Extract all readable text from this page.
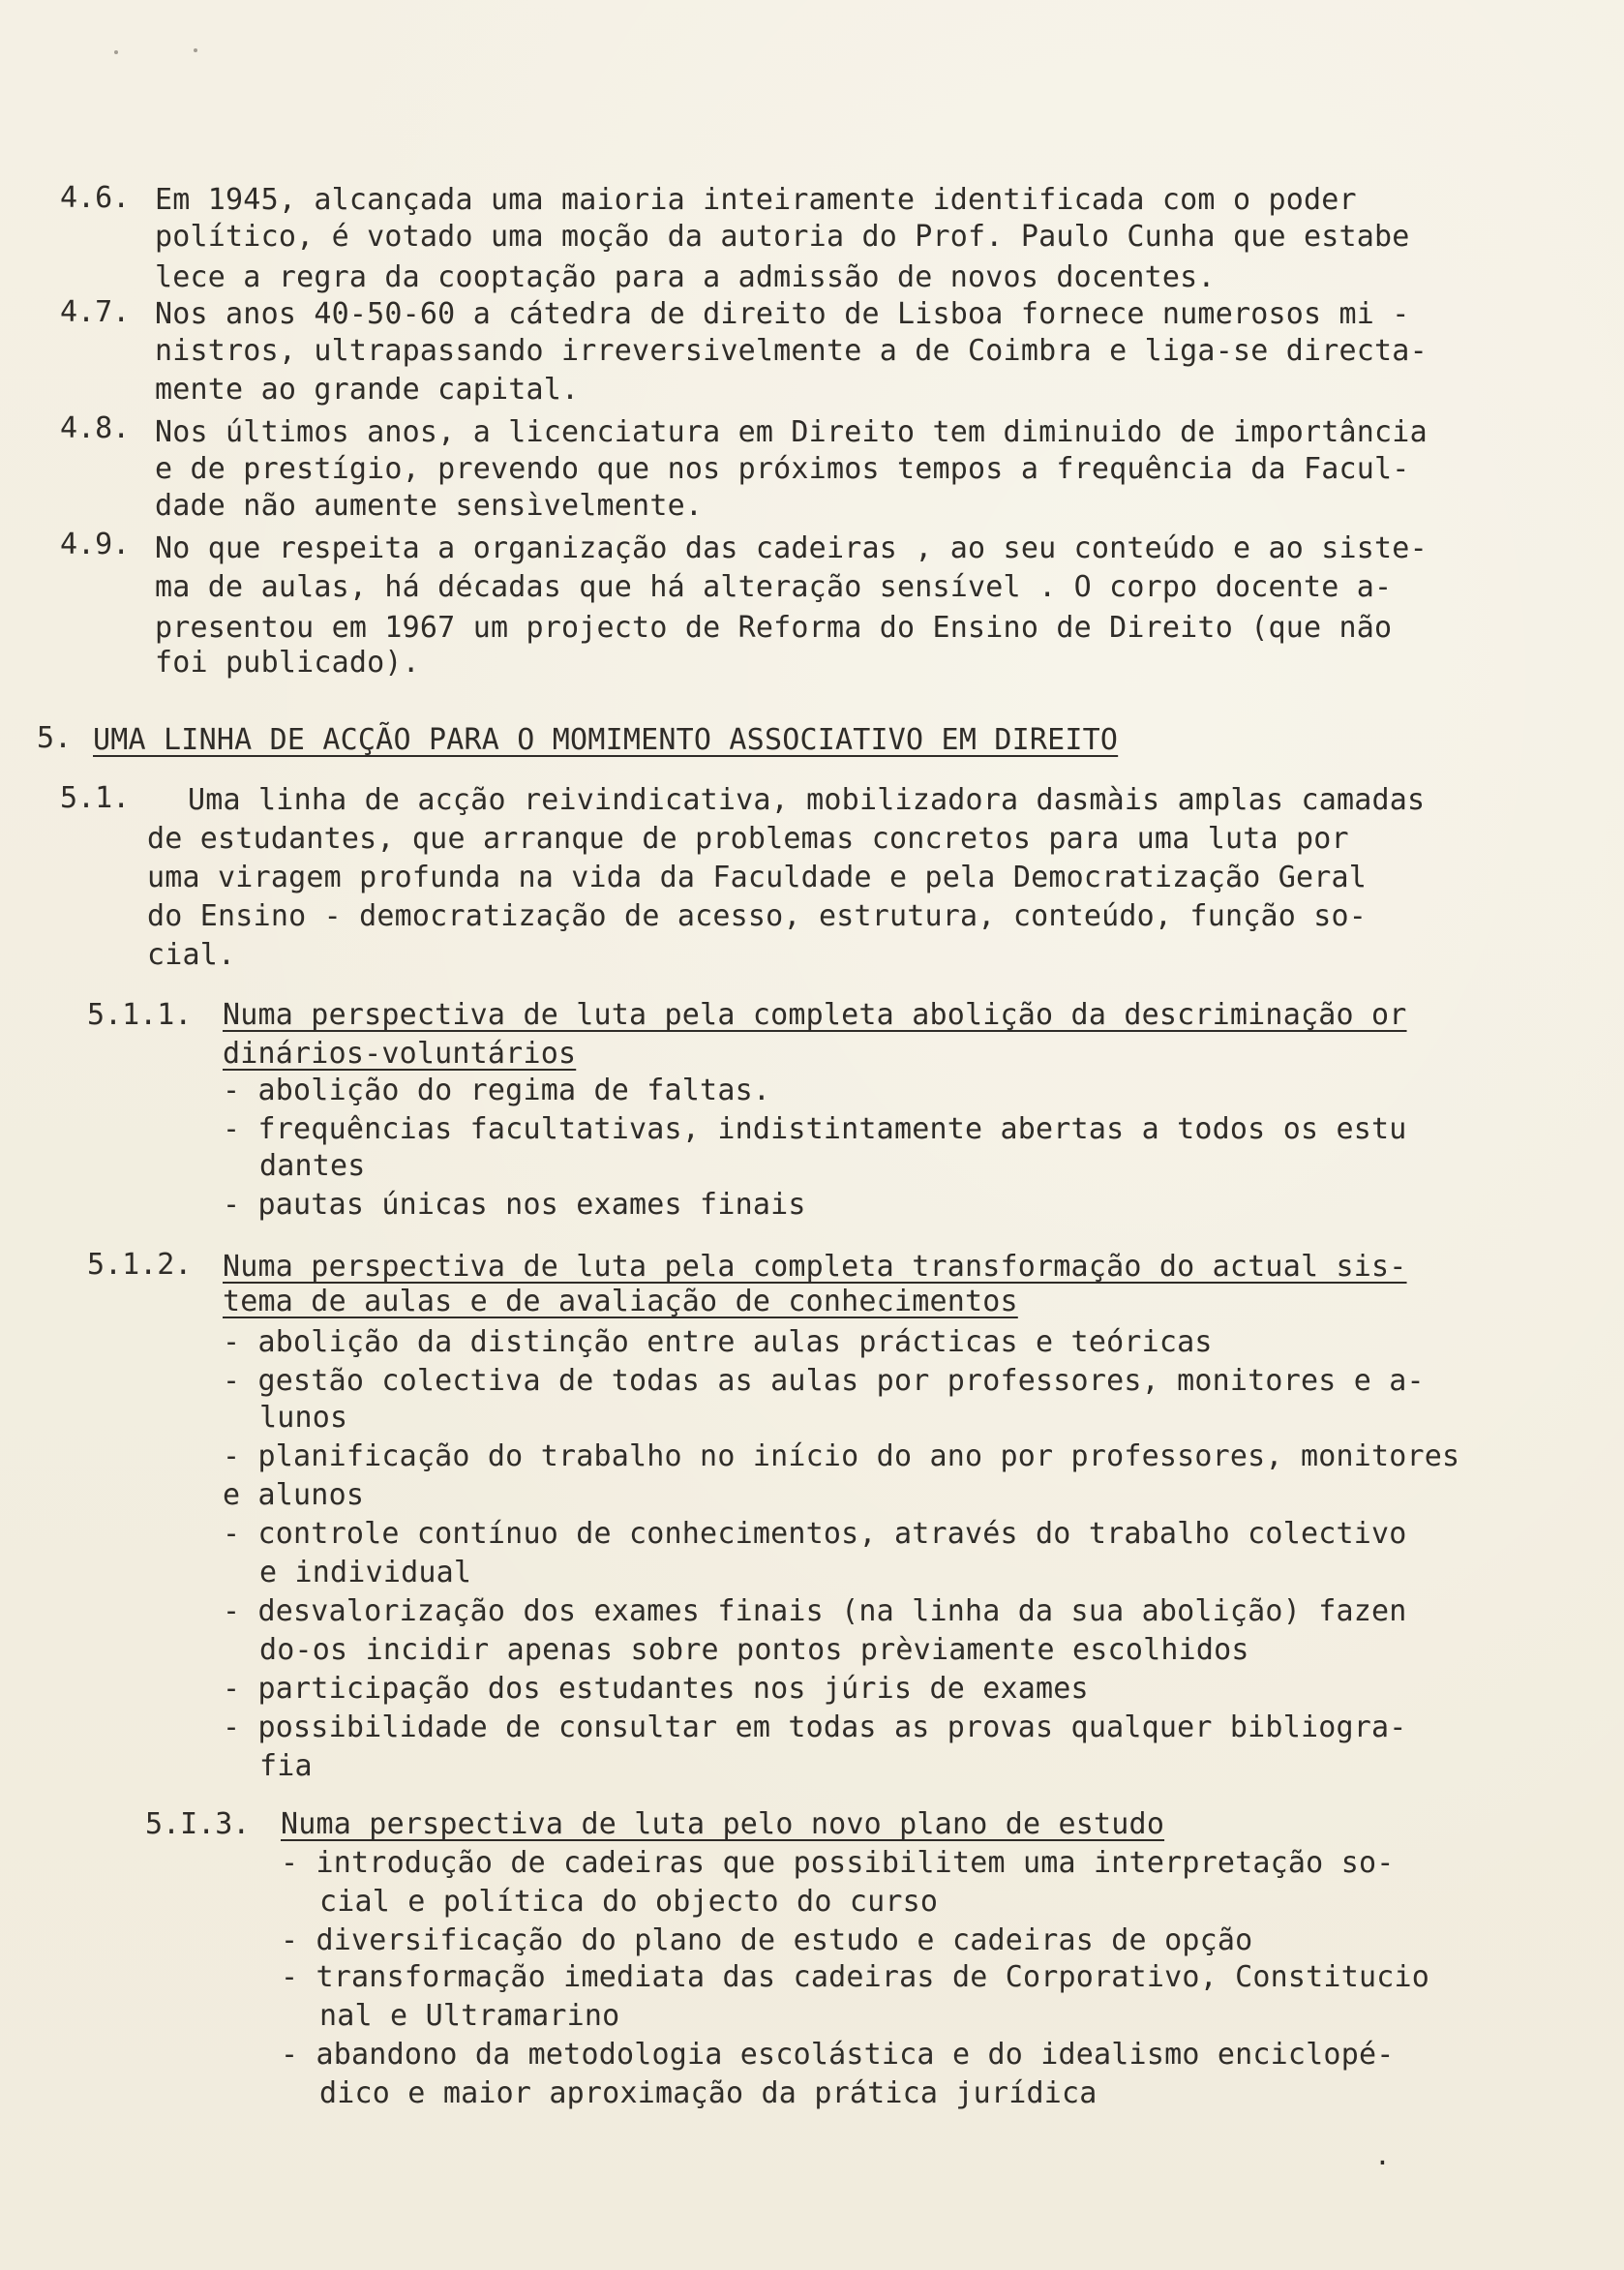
4.6. Em 1945, alcançada uma maioria inteiramente identificada com o poder
político, é votado uma moção da autoria do Prof. Paulo Cunha que estabe
lece a regra da cooptação para a admissão de novos docentes.
4.7. Nos anos 40-50-60 a cátedra de direito de Lisboa fornece numerosos mi -
nistros, ultrapassando irreversivelmente a de Coimbra e liga-se directa-
mente ao grande capital.
4.8. Nos últimos anos, a licenciatura em Direito tem diminuido de importância
e de prestígio, prevendo que nos próximos tempos a frequência da Facul-
dade não aumente sensìvelmente.
4.9. No que respeita a organização das cadeiras , ao seu conteúdo e ao siste-
ma de aulas, há décadas que há alteração sensível . O corpo docente a-
presentou em 1967 um projecto de Reforma do Ensino de Direito (que não
foi publicado).
5. UMA LINHA DE ACÇÃO PARA O MOMIMENTO ASSOCIATIVO EM DIREITO
5.1. Uma linha de acção reivindicativa, mobilizadora dasmàis amplas camadas
de estudantes, que arranque de problemas concretos para uma luta por
uma viragem profunda na vida da Faculdade e pela Democratização Geral
do Ensino - democratização de acesso, estrutura, conteúdo, função so-
cial.
5.1.1. Numa perspectiva de luta pela completa abolição da descriminação or
dinários-voluntários
- abolição do regima de faltas.
- frequências facultativas, indistintamente abertas a todos os estu
dantes
- pautas únicas nos exames finais
5.1.2. Numa perspectiva de luta pela completa transformação do actual sis-
tema de aulas e de avaliação de conhecimentos
- abolição da distinção entre aulas prácticas e teóricas
- gestão colectiva de todas as aulas por professores, monitores e a-
lunos
- planificação do trabalho no início do ano por professores, monitores
e alunos
- controle contínuo de conhecimentos, através do trabalho colectivo
e individual
- desvalorização dos exames finais (na linha da sua abolição) fazen
do-os incidir apenas sobre pontos prèviamente escolhidos
- participação dos estudantes nos júris de exames
- possibilidade de consultar em todas as provas qualquer bibliogra-
fia
5.I.3. Numa perspectiva de luta pelo novo plano de estudo
- introdução de cadeiras que possibilitem uma interpretação so-
cial e política do objecto do curso
- diversificação do plano de estudo e cadeiras de opção
- transformação imediata das cadeiras de Corporativo, Constitucio
nal e Ultramarino
- abandono da metodologia escolástica e do idealismo enciclopé-
dico e maior aproximação da prática jurídica
.
